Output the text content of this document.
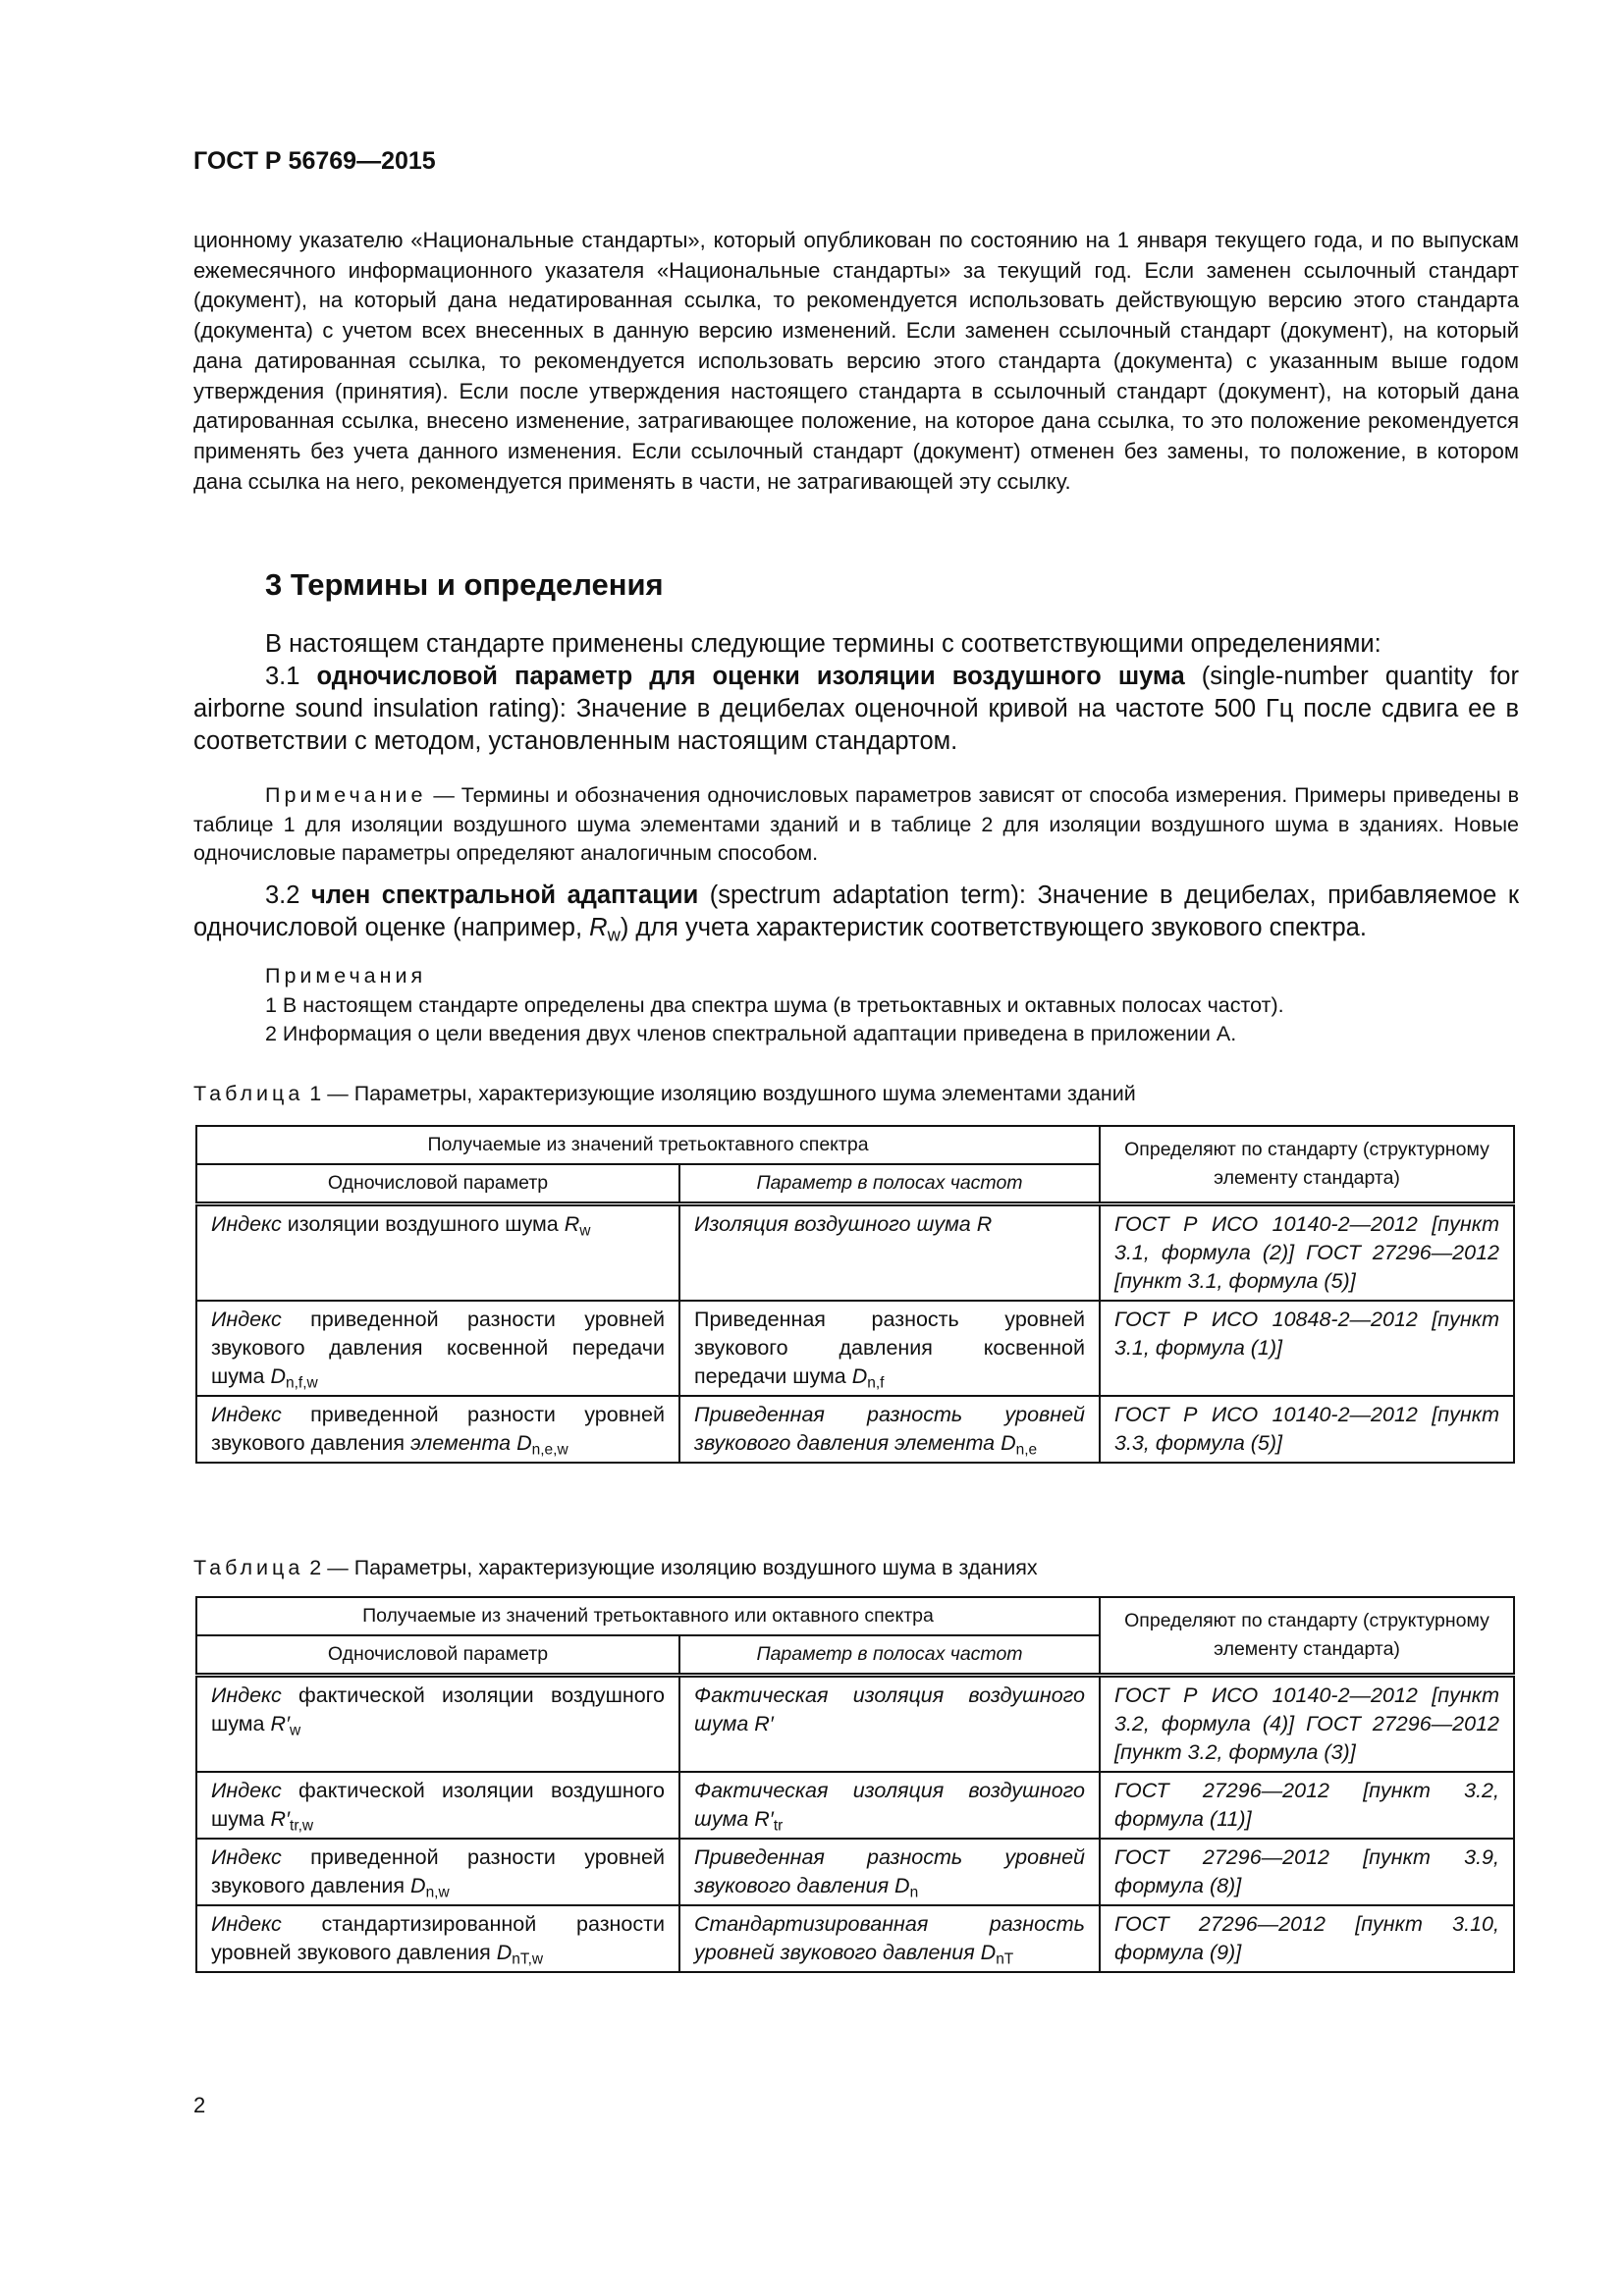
ГОСТ Р 56769—2015
ционному указателю «Национальные стандарты», который опубликован по состоянию на 1 января текущего года, и по выпускам ежемесячного информационного указателя «Национальные стандарты» за текущий год. Если заменен ссылочный стандарт (документ), на который дана недатированная ссылка, то рекомендуется использовать действующую версию этого стандарта (документа) с учетом всех внесенных в данную версию изменений. Если заменен ссылочный стандарт (документ), на который дана датированная ссылка, то рекомендуется использовать версию этого стандарта (документа) с указанным выше годом утверждения (принятия). Если после утверждения настоящего стандарта в ссылочный стандарт (документ), на который дана датированная ссылка, внесено изменение, затрагивающее положение, на которое дана ссылка, то это положение рекомендуется применять без учета данного изменения. Если ссылочный стандарт (документ) отменен без замены, то положение, в котором дана ссылка на него, рекомендуется применять в части, не затрагивающей эту ссылку.
3 Термины и определения
В настоящем стандарте применены следующие термины с соответствующими определениями:
3.1 одночисловой параметр для оценки изоляции воздушного шума (single-number quantity for airborne sound insulation rating): Значение в децибелах оценочной кривой на частоте 500 Гц после сдвига ее в соответствии с методом, установленным настоящим стандартом.
Примечание — Термины и обозначения одночисловых параметров зависят от способа измерения. Примеры приведены в таблице 1 для изоляции воздушного шума элементами зданий и в таблице 2 для изоляции воздушного шума в зданиях. Новые одночисловые параметры определяют аналогичным способом.
3.2 член спектральной адаптации (spectrum adaptation term): Значение в децибелах, прибавляемое к одночисловой оценке (например, $R_w$) для учета характеристик соответствующего звукового спектра.
Примечания
1 В настоящем стандарте определены два спектра шума (в третьоктавных и октавных полосах частот).
2 Информация о цели введения двух членов спектральной адаптации приведена в приложении А.
Таблица 1 — Параметры, характеризующие изоляцию воздушного шума элементами зданий
Получаемые из значений третьоктавного спектра		Определяют по стандарту (структурному элементу стандарта)
Одночисловой параметр	Параметр в полосах частот	
Индекс изоляции воздушного шума $R_w$	Изоляция воздушного шума R	ГОСТ Р ИСО 10140-2—2012 [пункт 3.1, формула (2)] ГОСТ 27296—2012 [пункт 3.1, формула (5)]
Индекс приведенной разности уровней звукового давления косвенной передачи шума $D_{n,f,w}$	Приведенная разность уровней звукового давления косвенной передачи шума $D_{n,f}$	ГОСТ Р ИСО 10848-2—2012 [пункт 3.1, формула (1)]
Индекс приведенной разности уровней звукового давления элемента $D_{n,e,w}$	Приведенная разность уровней звукового давления элемента $D_{n,e}$	ГОСТ Р ИСО 10140-2—2012 [пункт 3.3, формула (5)]
Таблица 2 — Параметры, характеризующие изоляцию воздушного шума в зданиях
Получаемые из значений третьоктавного или октавного спектра		Определяют по стандарту (структурному элементу стандарта)
Одночисловой параметр	Параметр в полосах частот	
Индекс фактической изоляции воздушного шума $R'_w$	Фактическая изоляция воздушного шума R′	ГОСТ Р ИСО 10140-2—2012 [пункт 3.2, формула (4)] ГОСТ 27296—2012 [пункт 3.2, формула (3)]
Индекс фактической изоляции воздушного шума $R'_{tr,w}$	Фактическая изоляция воздушного шума $R'_{tr}$	ГОСТ 27296—2012 [пункт 3.2, формула (11)]
Индекс приведенной разности уровней звукового давления $D_{n,w}$	Приведенная разность уровней звукового давления $D_n$	ГОСТ 27296—2012 [пункт 3.9, формула (8)]
Индекс стандартизированной разности уровней звукового давления $D_{nT,w}$	Стандартизированная разность уровней звукового давления $D_{nT}$	ГОСТ 27296—2012 [пункт 3.10, формула (9)]
2
